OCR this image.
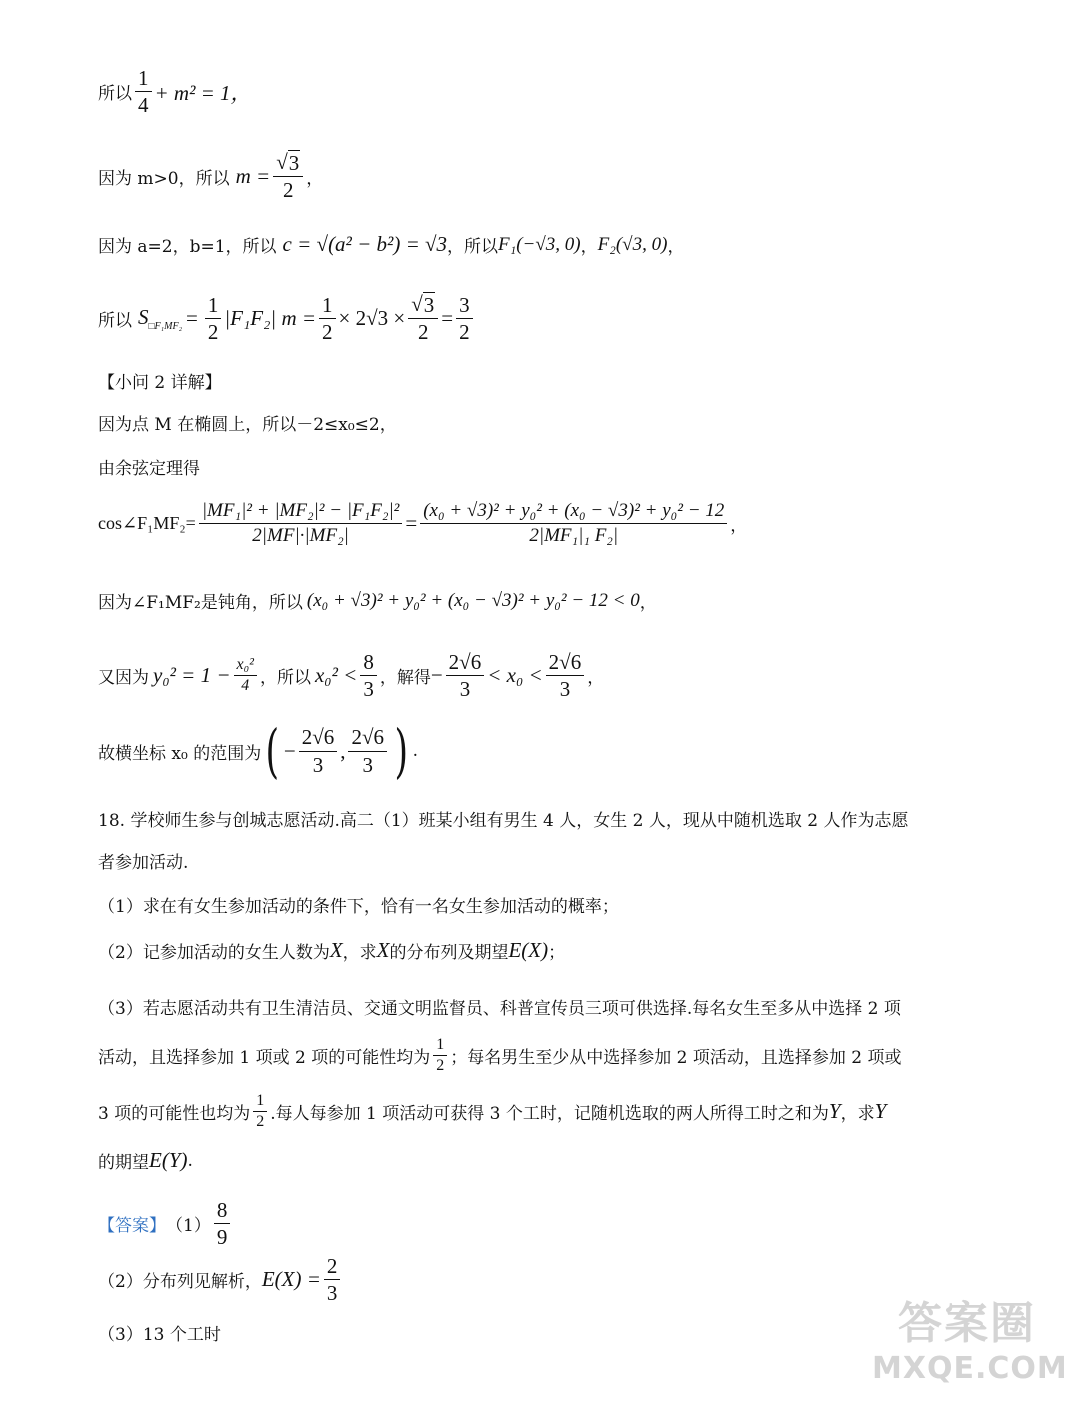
所以 $\frac{1}{4} + m^2 = 1$，
因为 m>0，所以 $m = \frac{√ 3}{2}$ ，
因为 a=2，b=1，所以 c = √(a² − b²) = √3 ，所以 F₁(−√3, 0) ， F₂(√3, 0) ，
所以 $S_{□F_1MF_2} = \frac{1}{2} |F_1F_2|$ $m = \frac{1}{2} \times 2√3 \times \frac{√ 3}{2} = \frac{3}{2}$
【小问 2 详解】
因为点 M 在椭圆上，所以－2≤x₀≤2，
由余弦定理得
cos∠F₁MF₂= $\frac{\text{|MF₁|² + |MF₂|² − |F₁F₂|²}}{\text{2|MF|·|MF₂|}} = \frac{\text{(x₀ + √3)² + y₀² + (x₀ − √3)² + y₀² − 12}}{\text{2|MF₁|₁ F₂|}}$ ，
因为∠F₁MF₂是钝角，所以 (x₀ + √3)² + y₀² + (x₀ − √3)² + y₀² − 12 < 0 ，
又因为 $y_0^2 = 1 - \frac{\text{x₀²}}{4}$ ，所以 $x_0^2 < \frac{8}{3}$ ，解得 − $\frac{2√6}{3} < x_0 < \frac{2√6}{3}$ ，
故横坐标 x₀ 的范围为 ( − $\frac{2√6}{3}$ , $\frac{2√6}{3}$ ) .
18. 学校师生参与创城志愿活动.高二（1）班某小组有男生 4 人，女生 2 人，现从中随机选取 2 人作为志愿
者参加活动.
（1）求在有女生参加活动的条件下，恰有一名女生参加活动的概率；
（2）记参加活动的女生人数为 X ，求 X 的分布列及期望 E(X) ；
（3）若志愿活动共有卫生清洁员、交通文明监督员、科普宣传员三项可供选择.每名女生至多从中选择 2 项
活动，且选择参加 1 项或 2 项的可能性均为 $\frac{1}{2}$ ；每名男生至少从中选择参加 2 项活动，且选择参加 2 项或
3 项的可能性也均为 $\frac{1}{2}$ .每人每参加 1 项活动可获得 3 个工时，记随机选取的两人所得工时之和为 Y ，求 Y
的期望 E(Y) .
【答案】 $(1) \frac{8}{9}$
（2）分布列见解析， $E(X) = \frac{2}{3}$
（3）13 个工时	答案圈
MXQE.COM
